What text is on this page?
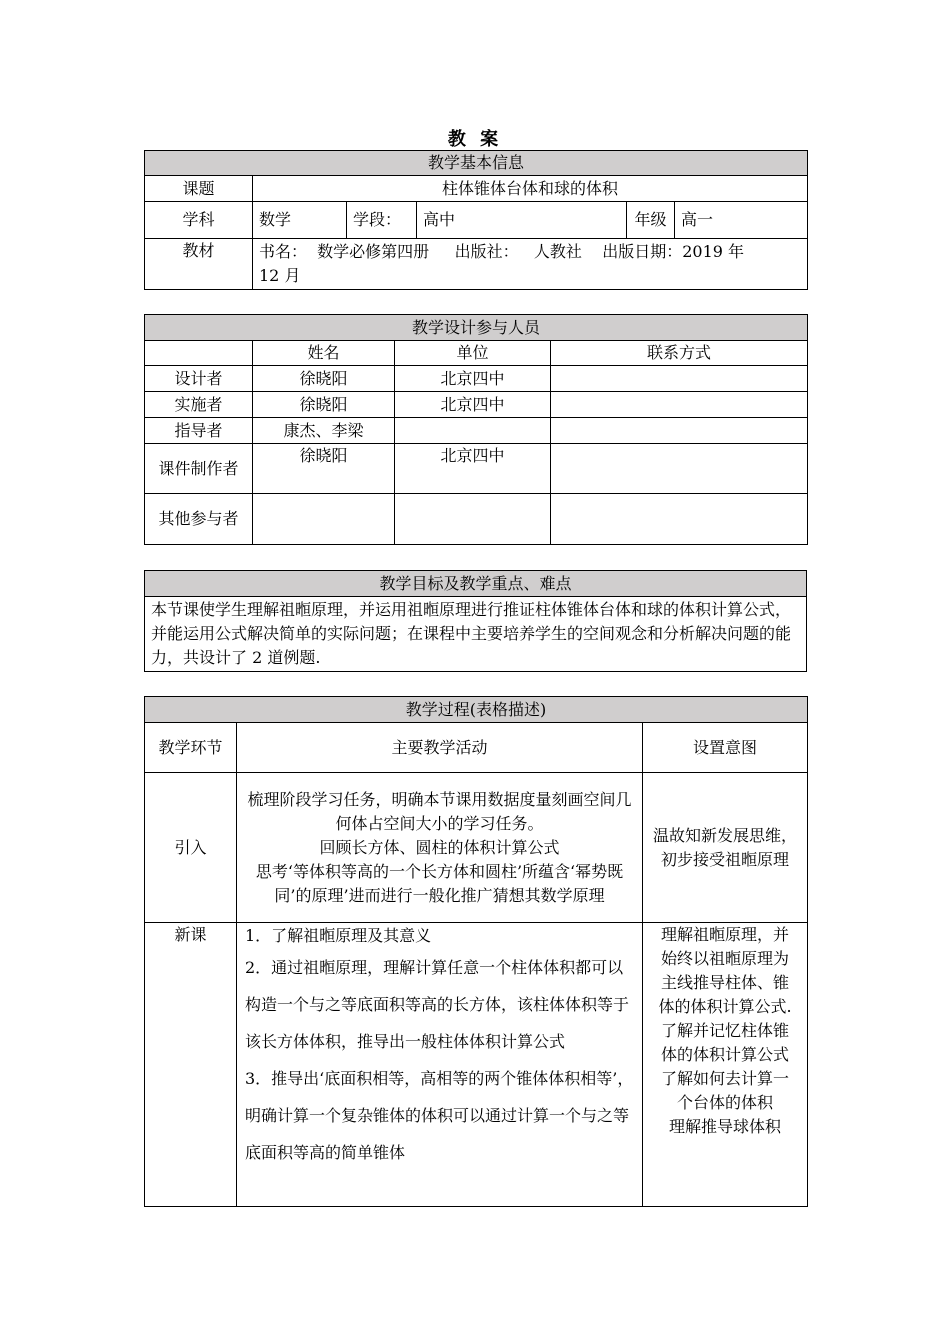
教 案
教学基本信息					
课题	柱体锥体台体和球的体积				
学科	数学	学段：	高中	年级	高一
教材	书名：  数学必修第四册     出版社：   人教社    出版日期：2019 年
12 月				
教学设计参与人员			
	姓名	单位	联系方式
设计者	徐晓阳	北京四中	
实施者	徐晓阳	北京四中	
指导者	康杰、李梁		
课件制作者	徐晓阳	北京四中	
其他参与者			
教学目标及教学重点、难点
本节课使学生理解祖暅原理，并运用祖暅原理进行推证柱体锥体台体和球的体积计算公式，并能运用公式解决简单的实际问题；在课程中主要培养学生的空间观念和分析解决问题的能力，共设计了 2 道例题.
教学过程(表格描述)		
教学环节	主要教学活动	设置意图
引入	梳理阶段学习任务，明确本节课用数据度量刻画空间几何体占空间大小的学习任务。
回顾长方体、圆柱的体积计算公式
思考‘等体积等高的一个长方体和圆柱’所蕴含‘幂势既同’的原理’进而进行一般化推广猜想其数学原理	温故知新发展思维，初步接受祖暅原理
新课	1．了解祖暅原理及其意义
2．通过祖暅原理，理解计算任意一个柱体体积都可以构造一个与之等底面积等高的长方体，该柱体体积等于该长方体体积，推导出一般柱体体积计算公式
3．推导出‘底面积相等，高相等的两个锥体体积相等’，明确计算一个复杂锥体的体积可以通过计算一个与之等底面积等高的简单锥体	理解祖暅原理，并始终以祖暅原理为主线推导柱体、锥体的体积计算公式.
了解并记忆柱体锥体的体积计算公式
了解如何去计算一个台体的体积
理解推导球体积
